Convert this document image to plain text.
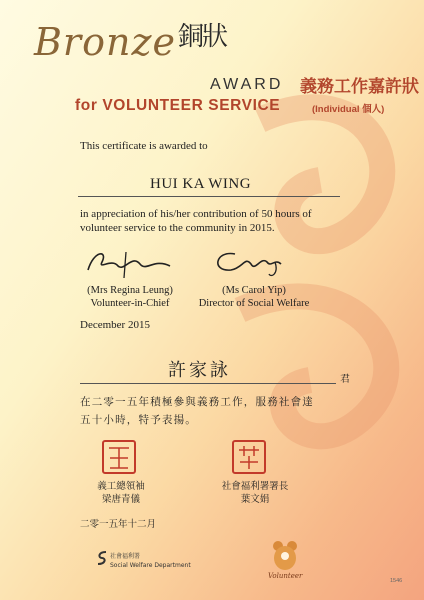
Bronze 銅狀
AWARD 義務工作嘉許狀
for VOLUNTEER SERVICE	(Individual 個人)
This certificate is awarded to
HUI KA WING
in appreciation of his/her contribution of 50 hours of
volunteer service to the community in 2015.
(Mrs Regina Leung)
Volunteer-in-Chief
(Ms Carol Yip)
Director of Social Welfare
December 2015
許家詠	君
在二零一五年積極參與義務工作，服務社會達
五十小時，特予表揚。
義工總領袖
梁唐青儀
社會福利署署長
葉文娟
二零一五年十二月
社會福利署
Social Welfare Department
Volunteer
1546
